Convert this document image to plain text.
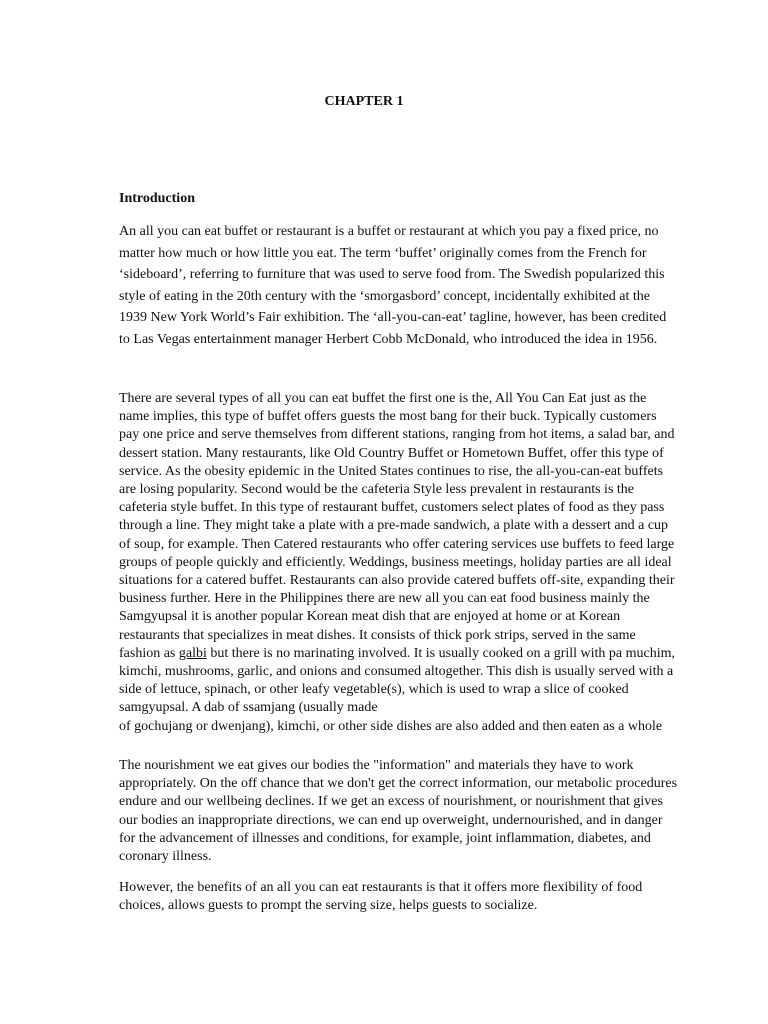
CHAPTER 1
Introduction

An all you can eat buffet or restaurant is a buffet or restaurant at which you pay a fixed price, no matter how much or how little you eat. The term ‘buffet’ originally comes from the French for ‘sideboard’, referring to furniture that was used to serve food from. The Swedish popularized this style of eating in the 20th century with the ‘smorgasbord’ concept, incidentally exhibited at the 1939 New York World’s Fair exhibition. The ‘all-you-can-eat’ tagline, however, has been credited to Las Vegas entertainment manager Herbert Cobb McDonald, who introduced the idea in 1956.

There are several types of all you can eat buffet the first one is the, All You Can Eat just as the name implies, this type of buffet offers guests the most bang for their buck. Typically customers pay one price and serve themselves from different stations, ranging from hot items, a salad bar, and dessert station. Many restaurants, like Old Country Buffet or Hometown Buffet, offer this type of service. As the obesity epidemic in the United States continues to rise, the all-you-can-eat buffets are losing popularity. Second would be the cafeteria Style less prevalent in restaurants is the cafeteria style buffet. In this type of restaurant buffet, customers select plates of food as they pass through a line. They might take a plate with a pre-made sandwich, a plate with a dessert and a cup of soup, for example. Then Catered restaurants who offer catering services use buffets to feed large groups of people quickly and efficiently. Weddings, business meetings, holiday parties are all ideal situations for a catered buffet. Restaurants can also provide catered buffets off-site, expanding their business further. Here in the Philippines there are new all you can eat food business mainly the Samgyupsal it is another popular Korean meat dish that are enjoyed at home or at Korean restaurants that specializes in meat dishes. It consists of thick pork strips, served in the same fashion as galbi but there is no marinating involved. It is usually cooked on a grill with pa muchim, kimchi, mushrooms, garlic, and onions and consumed altogether. This dish is usually served with a side of lettuce, spinach, or other leafy vegetable(s), which is used to wrap a slice of cooked samgyupsal. A dab of ssamjang (usually made
of gochujang or dwenjang), kimchi, or other side dishes are also added and then eaten as a whole

The nourishment we eat gives our bodies the "information" and materials they have to work appropriately. On the off chance that we don't get the correct information, our metabolic procedures endure and our wellbeing declines. If we get an excess of nourishment, or nourishment that gives our bodies an inappropriate directions, we can end up overweight, undernourished, and in danger for the advancement of illnesses and conditions, for example, joint inflammation, diabetes, and coronary illness.

However, the benefits of an all you can eat restaurants is that it offers more flexibility of food choices, allows guests to prompt the serving size, helps guests to socialize.
